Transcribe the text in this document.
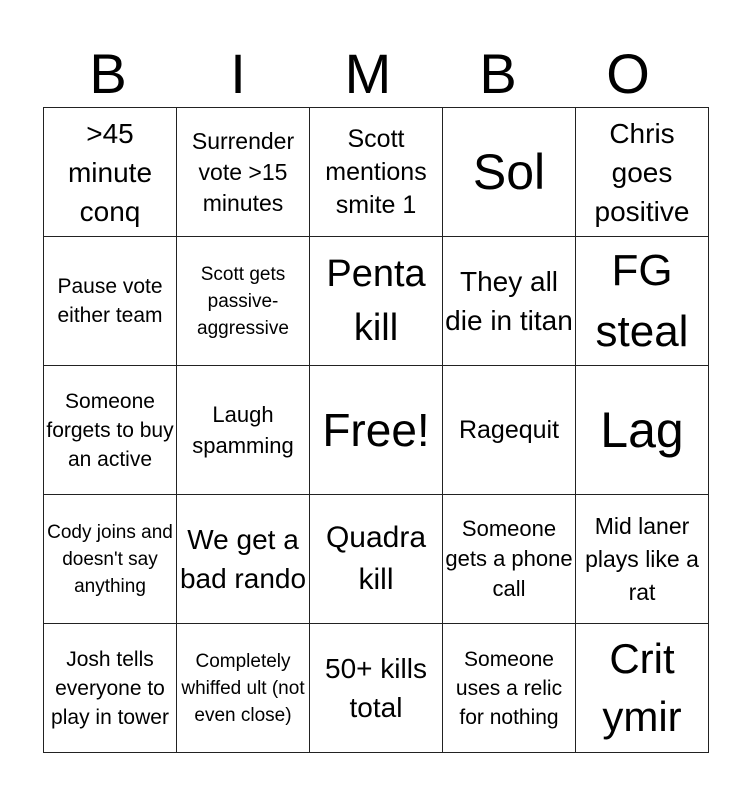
B	I	M	B	O
>45 minute conq	Surrender vote >15 minutes	Scott mentions smite 1	Sol	Chris goes positive
Pause vote either team	Scott gets passive-aggressive	Penta kill	They all die in titan	FG steal
Someone forgets to buy an active	Laugh spamming	Free!	Ragequit	Lag
Cody joins and doesn't say anything	We get a bad rando	Quadra kill	Someone gets a phone call	Mid laner plays like a rat
Josh tells everyone to play in tower	Completely whiffed ult (not even close)	50+ kills total	Someone uses a relic for nothing	Crit ymir
